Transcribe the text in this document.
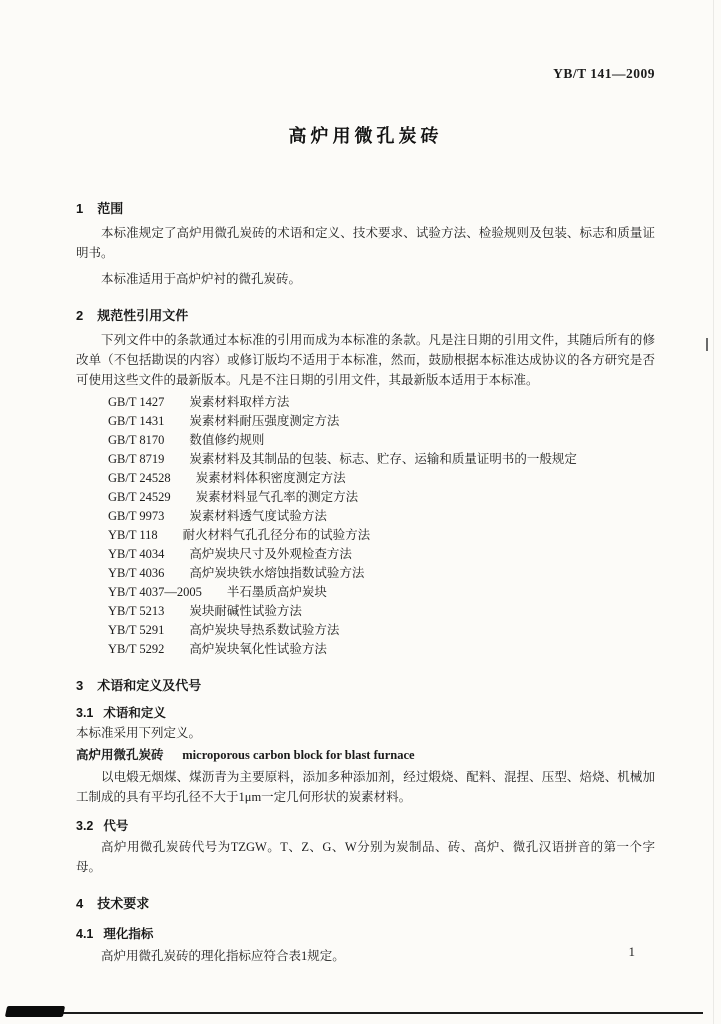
YB/T 141—2009
高炉用微孔炭砖
1 范围

本标准规定了高炉用微孔炭砖的术语和定义、技术要求、试验方法、检验规则及包装、标志和质量证明书。

本标准适用于高炉炉衬的微孔炭砖。

2 规范性引用文件

下列文件中的条款通过本标准的引用而成为本标准的条款。凡是注日期的引用文件，其随后所有的修改单（不包括勘误的内容）或修订版均不适用于本标准，然而，鼓励根据本标准达成协议的各方研究是否可使用这些文件的最新版本。凡是不注日期的引用文件，其最新版本适用于本标准。

GB/T 1427 炭素材料取样方法
GB/T 1431 炭素材料耐压强度测定方法
GB/T 8170 数值修约规则
GB/T 8719 炭素材料及其制品的包装、标志、贮存、运输和质量证明书的一般规定
GB/T 24528 炭素材料体积密度测定方法
GB/T 24529 炭素材料显气孔率的测定方法
GB/T 9973 炭素材料透气度试验方法
YB/T 118 耐火材料气孔孔径分布的试验方法
YB/T 4034 高炉炭块尺寸及外观检查方法
YB/T 4036 高炉炭块铁水熔蚀指数试验方法
YB/T 4037—2005 半石墨质高炉炭块
YB/T 5213 炭块耐碱性试验方法
YB/T 5291 高炉炭块导热系数试验方法
YB/T 5292 高炉炭块氧化性试验方法
3 术语和定义及代号
3.1 术语和定义

本标准采用下列定义。

高炉用微孔炭砖 microporous carbon block for blast furnace

以电煅无烟煤、煤沥青为主要原料，添加多种添加剂，经过煅烧、配料、混捏、压型、焙烧、机械加工制成的具有平均孔径不大于1μm一定几何形状的炭素材料。

3.2 代号

高炉用微孔炭砖代号为TZGW。T、Z、G、W分别为炭制品、砖、高炉、微孔汉语拼音的第一个字母。

4 技术要求
4.1 理化指标

高炉用微孔炭砖的理化指标应符合表1规定。	1
